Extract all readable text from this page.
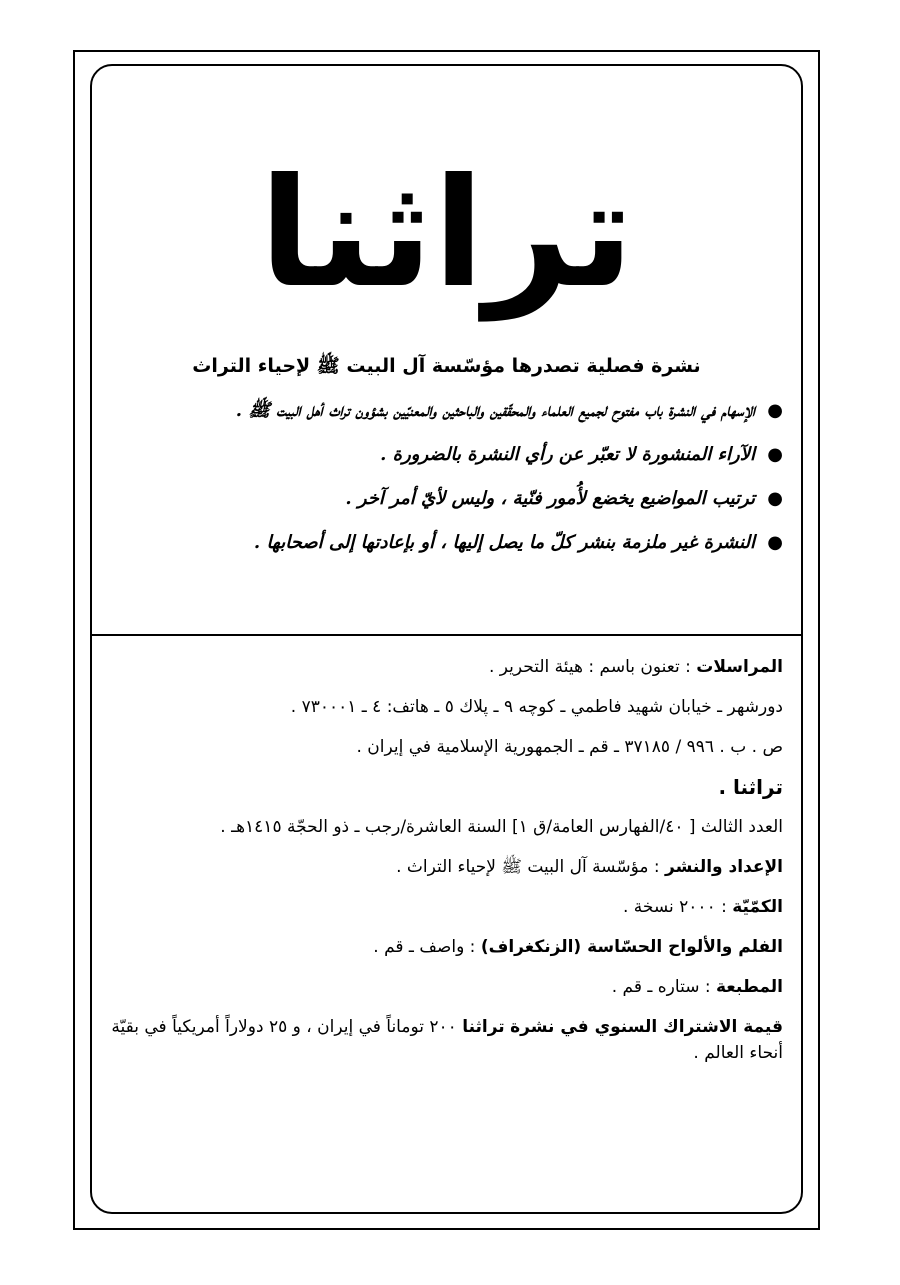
تراثنا
نشرة فصلية تصدرها مؤسّسة آل البيت ﷺ لإحياء التراث
● الإسهام في النشرة باب مفتوح لجميع العلماء والمحقّقين والباحثين والمعنيّين بشؤون تراث أهل البيت ﷺ .
● الآراء المنشورة لا تعبّر عن رأي النشرة بالضرورة .
● ترتيب المواضيع يخضع لأُمور فنّية ، وليس لأيّ أمر آخر .
● النشرة غير ملزمة بنشر كلّ ما يصل إليها ، أو بإعادتها إلى أصحابها .
المراسلات : تعنون باسم : هيئة التحرير .
دورشهر ـ خيابان شهيد فاطمي ـ كوچه ٩ ـ پلاك ٥ ـ هاتف: ٤ ـ ٧٣٠٠٠١ .
ص . ب . ٩٩٦ / ٣٧١٨٥ ـ قم ـ الجمهورية الإسلامية في إيران .
تراثنا .
العدد الثالث [ ٤٠/الفهارس العامة/ق ١] السنة العاشرة/رجب ـ ذو الحجّة ١٤١٥هـ .
الإعداد والنشر : مؤسّسة آل البيت ﷺ لإحياء التراث .
الكمّيّة : ٢٠٠٠ نسخة .
الفلم والألواح الحسّاسة (الزنكغراف) : واصف ـ قم .
المطبعة : ستاره ـ قم .
قيمة الاشتراك السنوي في نشرة تراثنا ٢٠٠ توماناً في إيران ، و ٢٥ دولاراً أمريكياً في بقيّة أنحاء العالم .
